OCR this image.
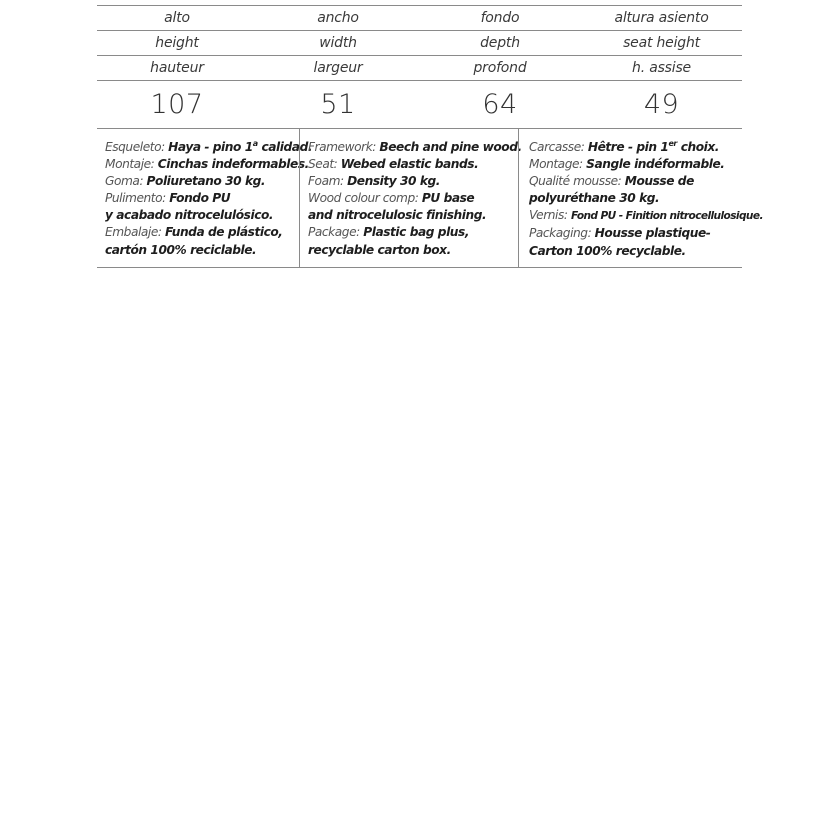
alto	ancho	fondo	altura asiento
height	width	depth	seat height
hauteur	largeur	profond	h. assise
107	51	64	49
Esqueleto: Haya - pino 1$^a$ calidad.
Montaje: Cinchas indeformables.
Goma: Poliuretano 30 kg.
Pulimento: Fondo PU
y acabado nitrocelulósico.
Embalaje: Funda de plástico,
cartón 100% reciclable.
Framework: Beech and pine wood.
Seat: Webed elastic bands.
Foam: Density 30 kg.
Wood colour comp: PU base
and nitrocelulosic finishing.
Package: Plastic bag plus,
recyclable carton box.
Carcasse: Hêtre - pin 1er choix.
Montage: Sangle indéformable.
Qualité mousse: Mousse de
polyuréthane 30 kg.
Vernis: Fond PU - Finition nitrocellulosique.
Packaging: Housse plastique-
Carton 100% recyclable.
